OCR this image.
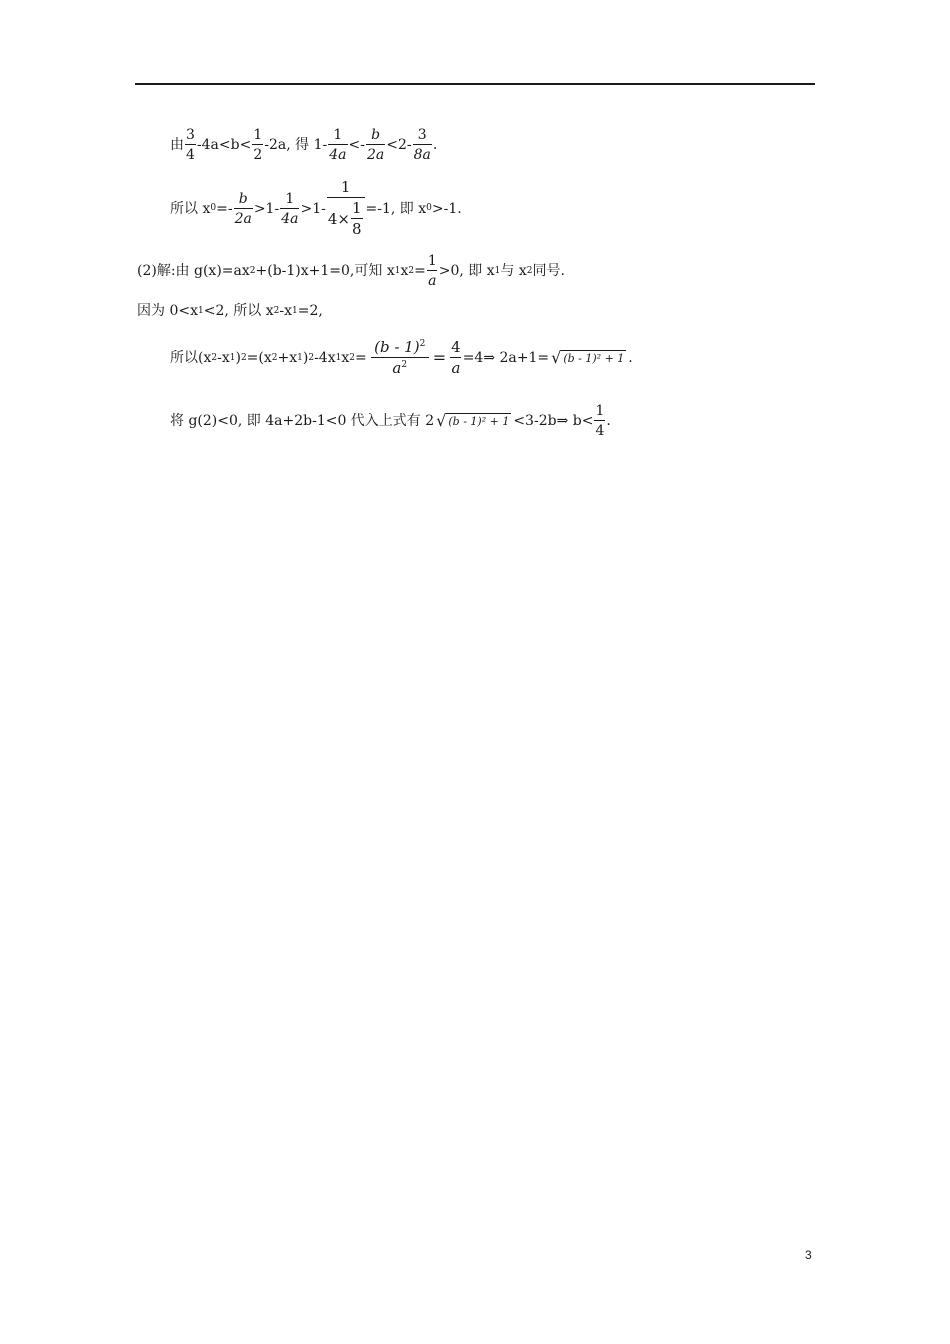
由 $\frac{3}{4} -4a<b< \frac{1}{2} -2a$, 得 $1- \frac{1}{4a} <- \frac{b}{2a} <2- \frac{3}{8a}$ .
所以 x $0 =- \frac{b}{2a} >1- \frac{1}{4a} >1- \frac{1}{4\times \frac{1}{8}} =-1$, 即 x 0 >-1.
(2)解:由 g(x)=ax 2 +(b-1)x+1=0,可知 x 1 x $2 = \frac{1}{a} >0$, 即 x 1 与 x 2 同号.
因为 0<x 1 <2, 所以 x 2 -x 1 =2,
所以(x 2 -x 1 ) 2 =(x 2 +x 1 ) 2 -4x 1 x $2 = \frac{(b - 1)^2}{a^2} = \frac{4}{a}$ =4⇒ 2a+1= √ (b - 1)² + 1 .
将 g(2)<0, 即 4a+2b-1<0 代入上式有 2 √ (b - 1)² + 1 <3-2b⇒ $b< \frac{1}{4}$ .
3
